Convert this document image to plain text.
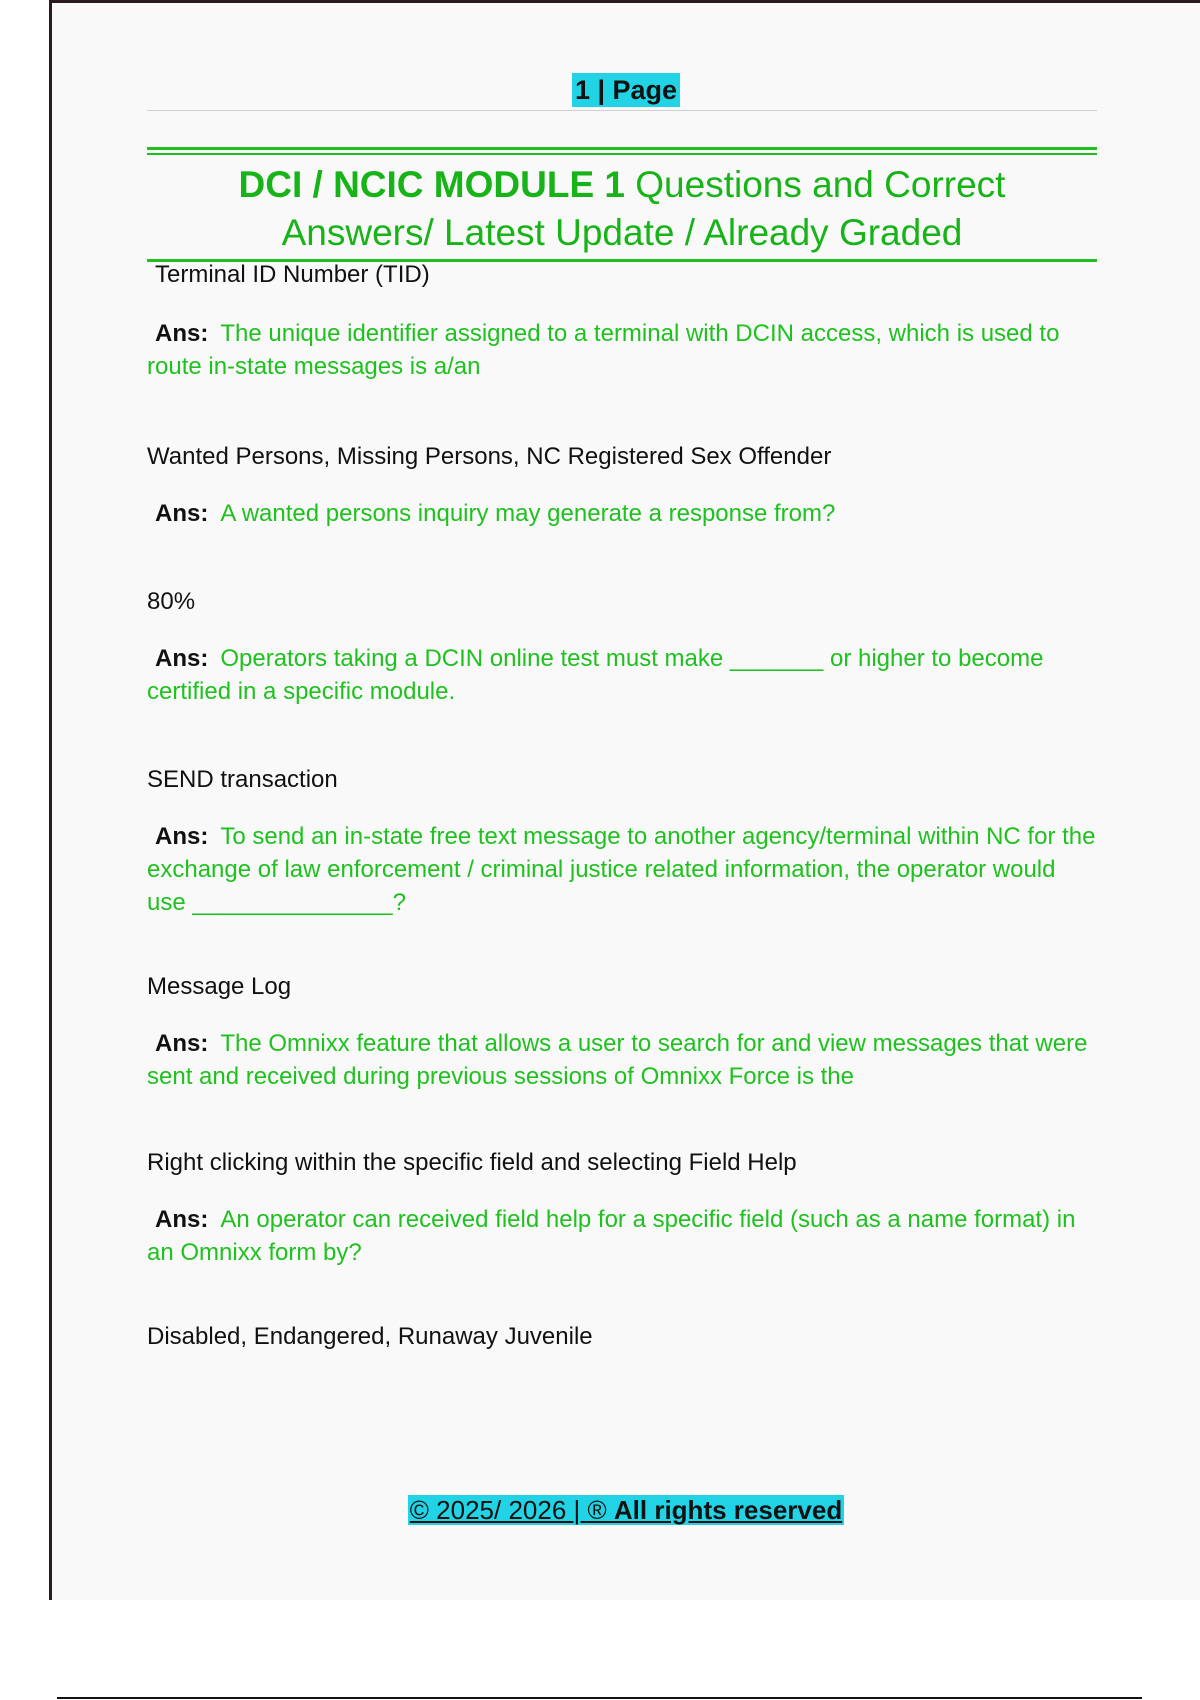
1 | Page
DCI / NCIC MODULE 1 Questions and Correct
Answers/ Latest Update / Already Graded
Terminal ID Number (TID)
Ans: The unique identifier assigned to a terminal with DCIN access, which is used to route in-state messages is a/an
Wanted Persons, Missing Persons, NC Registered Sex Offender
Ans: A wanted persons inquiry may generate a response from?
80%
Ans: Operators taking a DCIN online test must make _______ or higher to become certified in a specific module.
SEND transaction
Ans: To send an in-state free text message to another agency/terminal within NC for the exchange of law enforcement / criminal justice related information, the operator would use _______________?
Message Log
Ans: The Omnixx feature that allows a user to search for and view messages that were sent and received during previous sessions of Omnixx Force is the
Right clicking within the specific field and selecting Field Help
Ans: An operator can received field help for a specific field (such as a name format) in an Omnixx form by?
Disabled, Endangered, Runaway Juvenile
© 2025/ 2026 | ® All rights reserved
